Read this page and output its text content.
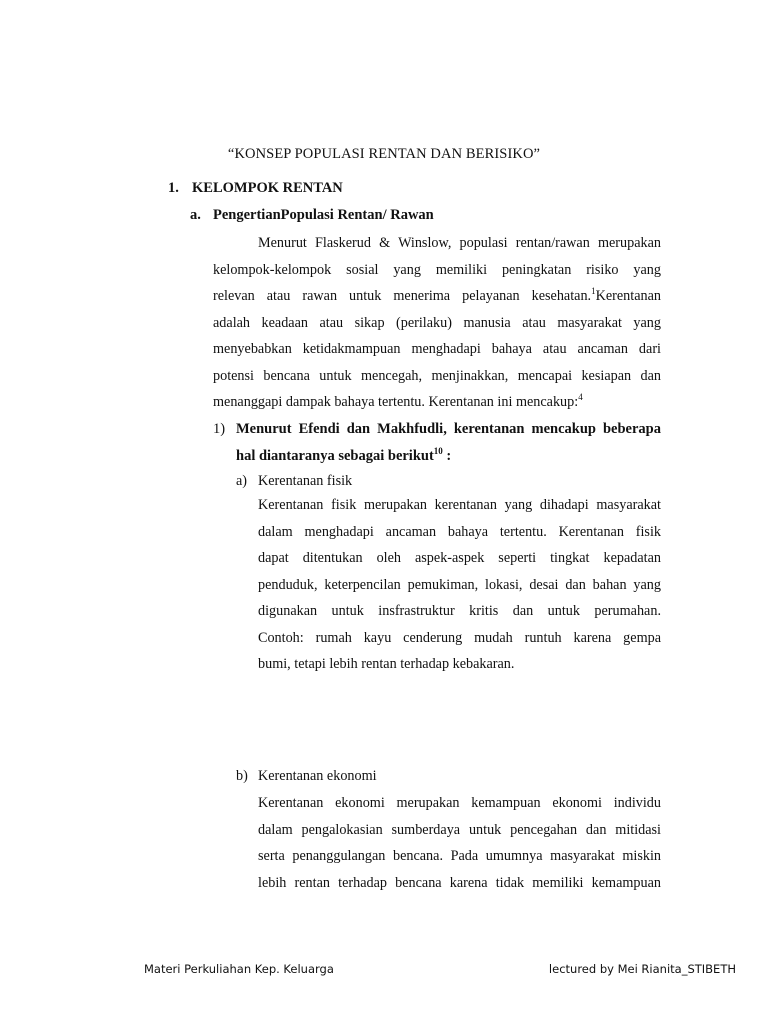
“KONSEP POPULASI RENTAN DAN BERISIKO”
1. KELOMPOK RENTAN
a. PengertianPopulasi Rentan/ Rawan
Menurut Flaskerud & Winslow, populasi rentan/rawan merupakan
kelompok-kelompok sosial yang memiliki peningkatan risiko yang
relevan atau rawan untuk menerima pelayanan kesehatan.$^1$Kerentanan
adalah keadaan atau sikap (perilaku) manusia atau masyarakat yang
menyebabkan ketidakmampuan menghadapi bahaya atau ancaman dari
potensi bencana untuk mencegah, menjinakkan, mencapai kesiapan dan
menanggapi dampak bahaya tertentu. Kerentanan ini mencakup:$^4$
1) Menurut Efendi dan Makhfudli, kerentanan mencakup beberapa
hal diantaranya sebagai berikut$^{10}$ :
a) Kerentanan fisik
Kerentanan fisik merupakan kerentanan yang dihadapi masyarakat
dalam menghadapi ancaman bahaya tertentu. Kerentanan fisik
dapat ditentukan oleh aspek-aspek seperti tingkat kepadatan
penduduk, keterpencilan pemukiman, lokasi, desai dan bahan yang
digunakan untuk insfrastruktur kritis dan untuk perumahan.
Contoh: rumah kayu cenderung mudah runtuh karena gempa
bumi, tetapi lebih rentan terhadap kebakaran.
b) Kerentanan ekonomi
Kerentanan ekonomi merupakan kemampuan ekonomi individu
dalam pengalokasian sumberdaya untuk pencegahan dan mitidasi
serta penanggulangan bencana. Pada umumnya masyarakat miskin
lebih rentan terhadap bencana karena tidak memiliki kemampuan
Materi Perkuliahan Kep. Keluarga	lectured by Mei Rianita_STIBETH
